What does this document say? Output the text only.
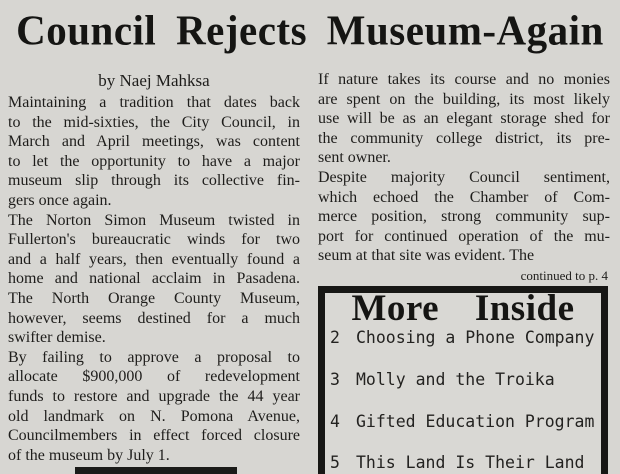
Council Rejects Museum-Again
by Naej Mahksa
Maintaining a tradition that dates back
to the mid-sixties, the City Council, in
March and April meetings, was content
to let the opportunity to have a major
museum slip through its collective fin-
gers once again.
The Norton Simon Museum twisted in
Fullerton's bureaucratic winds for two
and a half years, then eventually found a
home and national acclaim in Pasadena.
The North Orange County Museum,
however, seems destined for a much
swifter demise.
By failing to approve a proposal to
allocate $900,000 of redevelopment
funds to restore and upgrade the 44 year
old landmark on N. Pomona Avenue,
Councilmembers in effect forced closure
of the museum by July 1.
If nature takes its course and no monies
are spent on the building, its most likely
use will be as an elegant storage shed for
the community college district, its pre-
sent owner.
Despite majority Council sentiment,
which echoed the Chamber of Com-
merce position, strong community sup-
port for continued operation of the mu-
seum at that site was evident. The
continued to p. 4
More Inside
2 Choosing a Phone Company
3 Molly and the Troika
4 Gifted Education Program
5 This Land Is Their Land
